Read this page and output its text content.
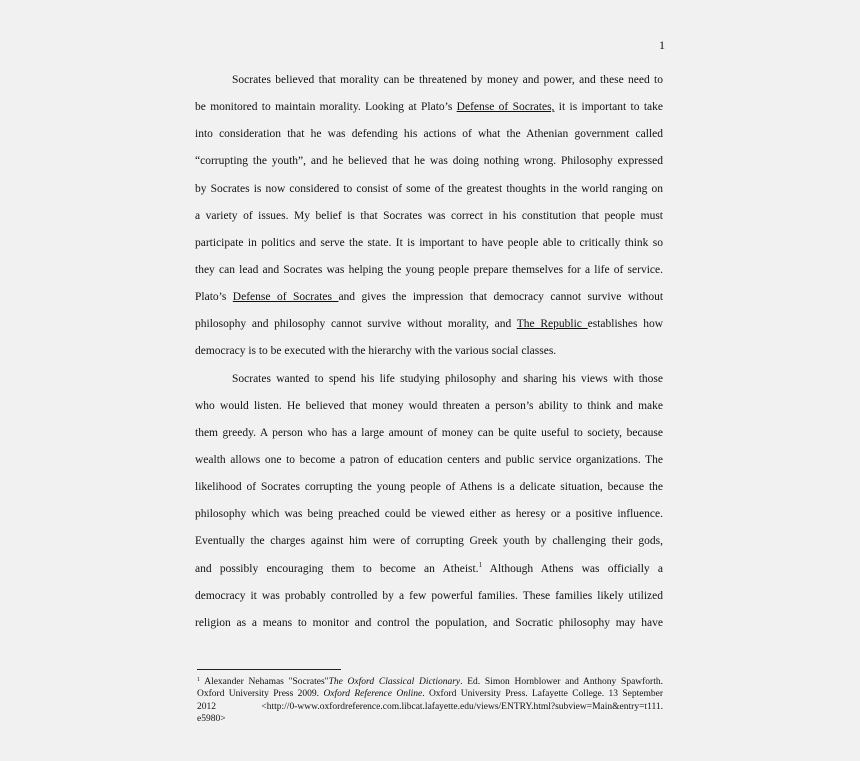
1
Socrates believed that morality can be threatened by money and power, and these need to
be monitored to maintain morality. Looking at Plato’s Defense of Socrates, it is important to take
into consideration that he was defending his actions of what the Athenian government called
“corrupting the youth”, and he believed that he was doing nothing wrong. Philosophy expressed
by Socrates is now considered to consist of some of the greatest thoughts in the world ranging on
a variety of issues. My belief is that Socrates was correct in his constitution that people must
participate in politics and serve the state. It is important to have people able to critically think so
they can lead and Socrates was helping the young people prepare themselves for a life of service.
Plato’s Defense of Socrates and gives the impression that democracy cannot survive without
philosophy and philosophy cannot survive without morality, and The Republic establishes how
democracy is to be executed with the hierarchy with the various social classes.
Socrates wanted to spend his life studying philosophy and sharing his views with those
who would listen. He believed that money would threaten a person’s ability to think and make
them greedy. A person who has a large amount of money can be quite useful to society, because
wealth allows one to become a patron of education centers and public service organizations. The
likelihood of Socrates corrupting the young people of Athens is a delicate situation, because the
philosophy which was being preached could be viewed either as heresy or a positive influence.
Eventually the charges against him were of corrupting Greek youth by challenging their gods,
and possibly encouraging them to become an Atheist.$^1$ Although Athens was officially a
democracy it was probably controlled by a few powerful families. These families likely utilized
religion as a means to monitor and control the population, and Socratic philosophy may have
$^1$ Alexander Nehamas "Socrates"The Oxford Classical Dictionary. Ed. Simon Hornblower and Anthony Spawforth.
Oxford University Press 2009. Oxford Reference Online. Oxford University Press. Lafayette College. 13 September
2012 <http://0-www.oxfordreference.com.libcat.lafayette.edu/views/ENTRY.html?subview=Main&entry=t111.
e5980>
